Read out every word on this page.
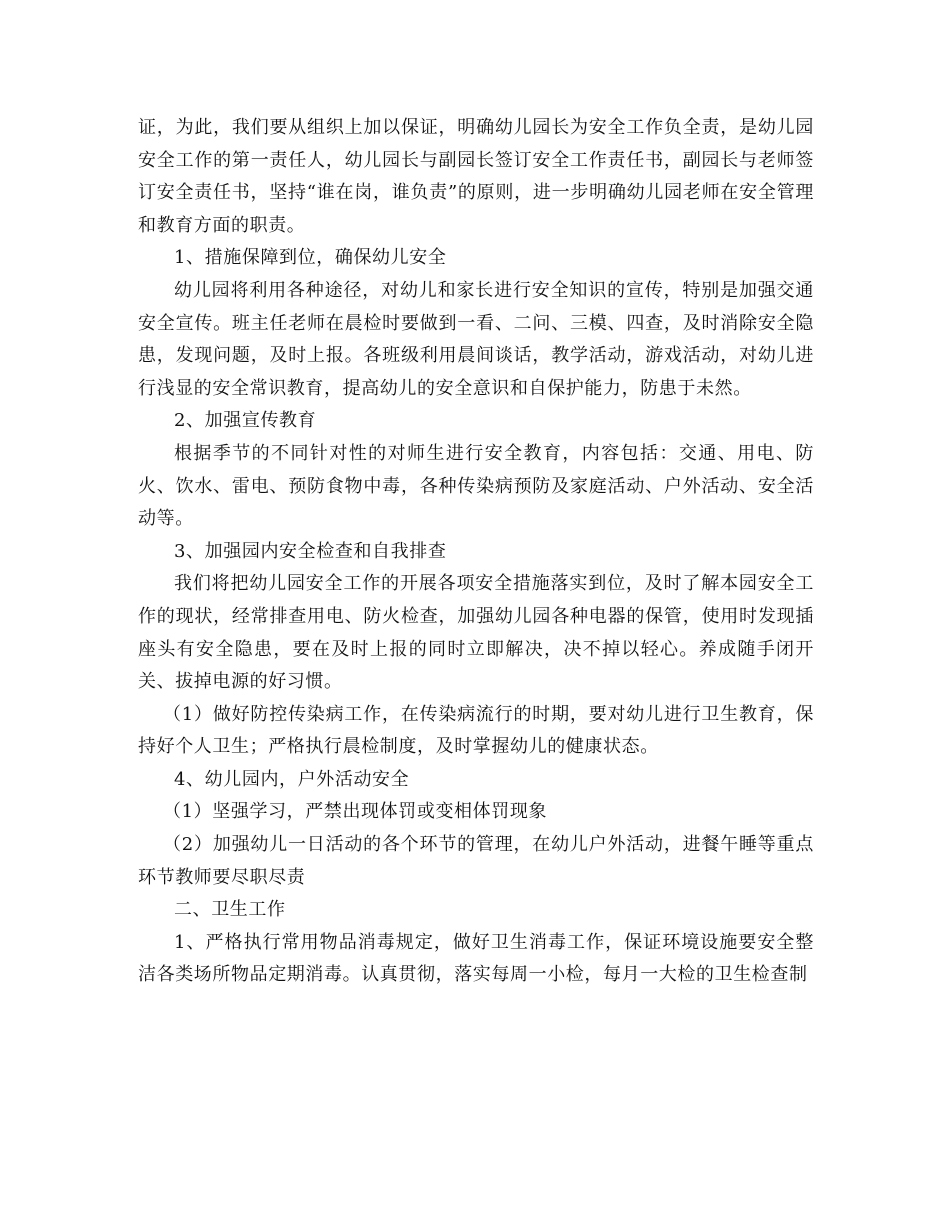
证，为此，我们要从组织上加以保证，明确幼儿园长为安全工作负全责，是幼儿园安全工作的第一责任人，幼儿园长与副园长签订安全工作责任书，副园长与老师签订安全责任书，坚持“谁在岗，谁负责”的原则，进一步明确幼儿园老师在安全管理和教育方面的职责。

1、措施保障到位，确保幼儿安全

幼儿园将利用各种途径，对幼儿和家长进行安全知识的宣传，特别是加强交通安全宣传。班主任老师在晨检时要做到一看、二问、三模、四查，及时消除安全隐患，发现问题，及时上报。各班级利用晨间谈话，教学活动，游戏活动，对幼儿进行浅显的安全常识教育，提高幼儿的安全意识和自保护能力，防患于未然。

2、加强宣传教育

根据季节的不同针对性的对师生进行安全教育，内容包括：交通、用电、防火、饮水、雷电、预防食物中毒，各种传染病预防及家庭活动、户外活动、安全活动等。

3、加强园内安全检查和自我排查

我们将把幼儿园安全工作的开展各项安全措施落实到位，及时了解本园安全工作的现状，经常排查用电、防火检查，加强幼儿园各种电器的保管，使用时发现插座头有安全隐患，要在及时上报的同时立即解决，决不掉以轻心。养成随手闭开关、拔掉电源的好习惯。

（1）做好防控传染病工作，在传染病流行的时期，要对幼儿进行卫生教育，保持好个人卫生；严格执行晨检制度，及时掌握幼儿的健康状态。

4、幼儿园内，户外活动安全

（1）坚强学习，严禁出现体罚或变相体罚现象

（2）加强幼儿一日活动的各个环节的管理，在幼儿户外活动，进餐午睡等重点环节教师要尽职尽责

二、卫生工作

1、严格执行常用物品消毒规定，做好卫生消毒工作，保证环境设施要安全整洁各类场所物品定期消毒。认真贯彻，落实每周一小检，每月一大检的卫生检查制
